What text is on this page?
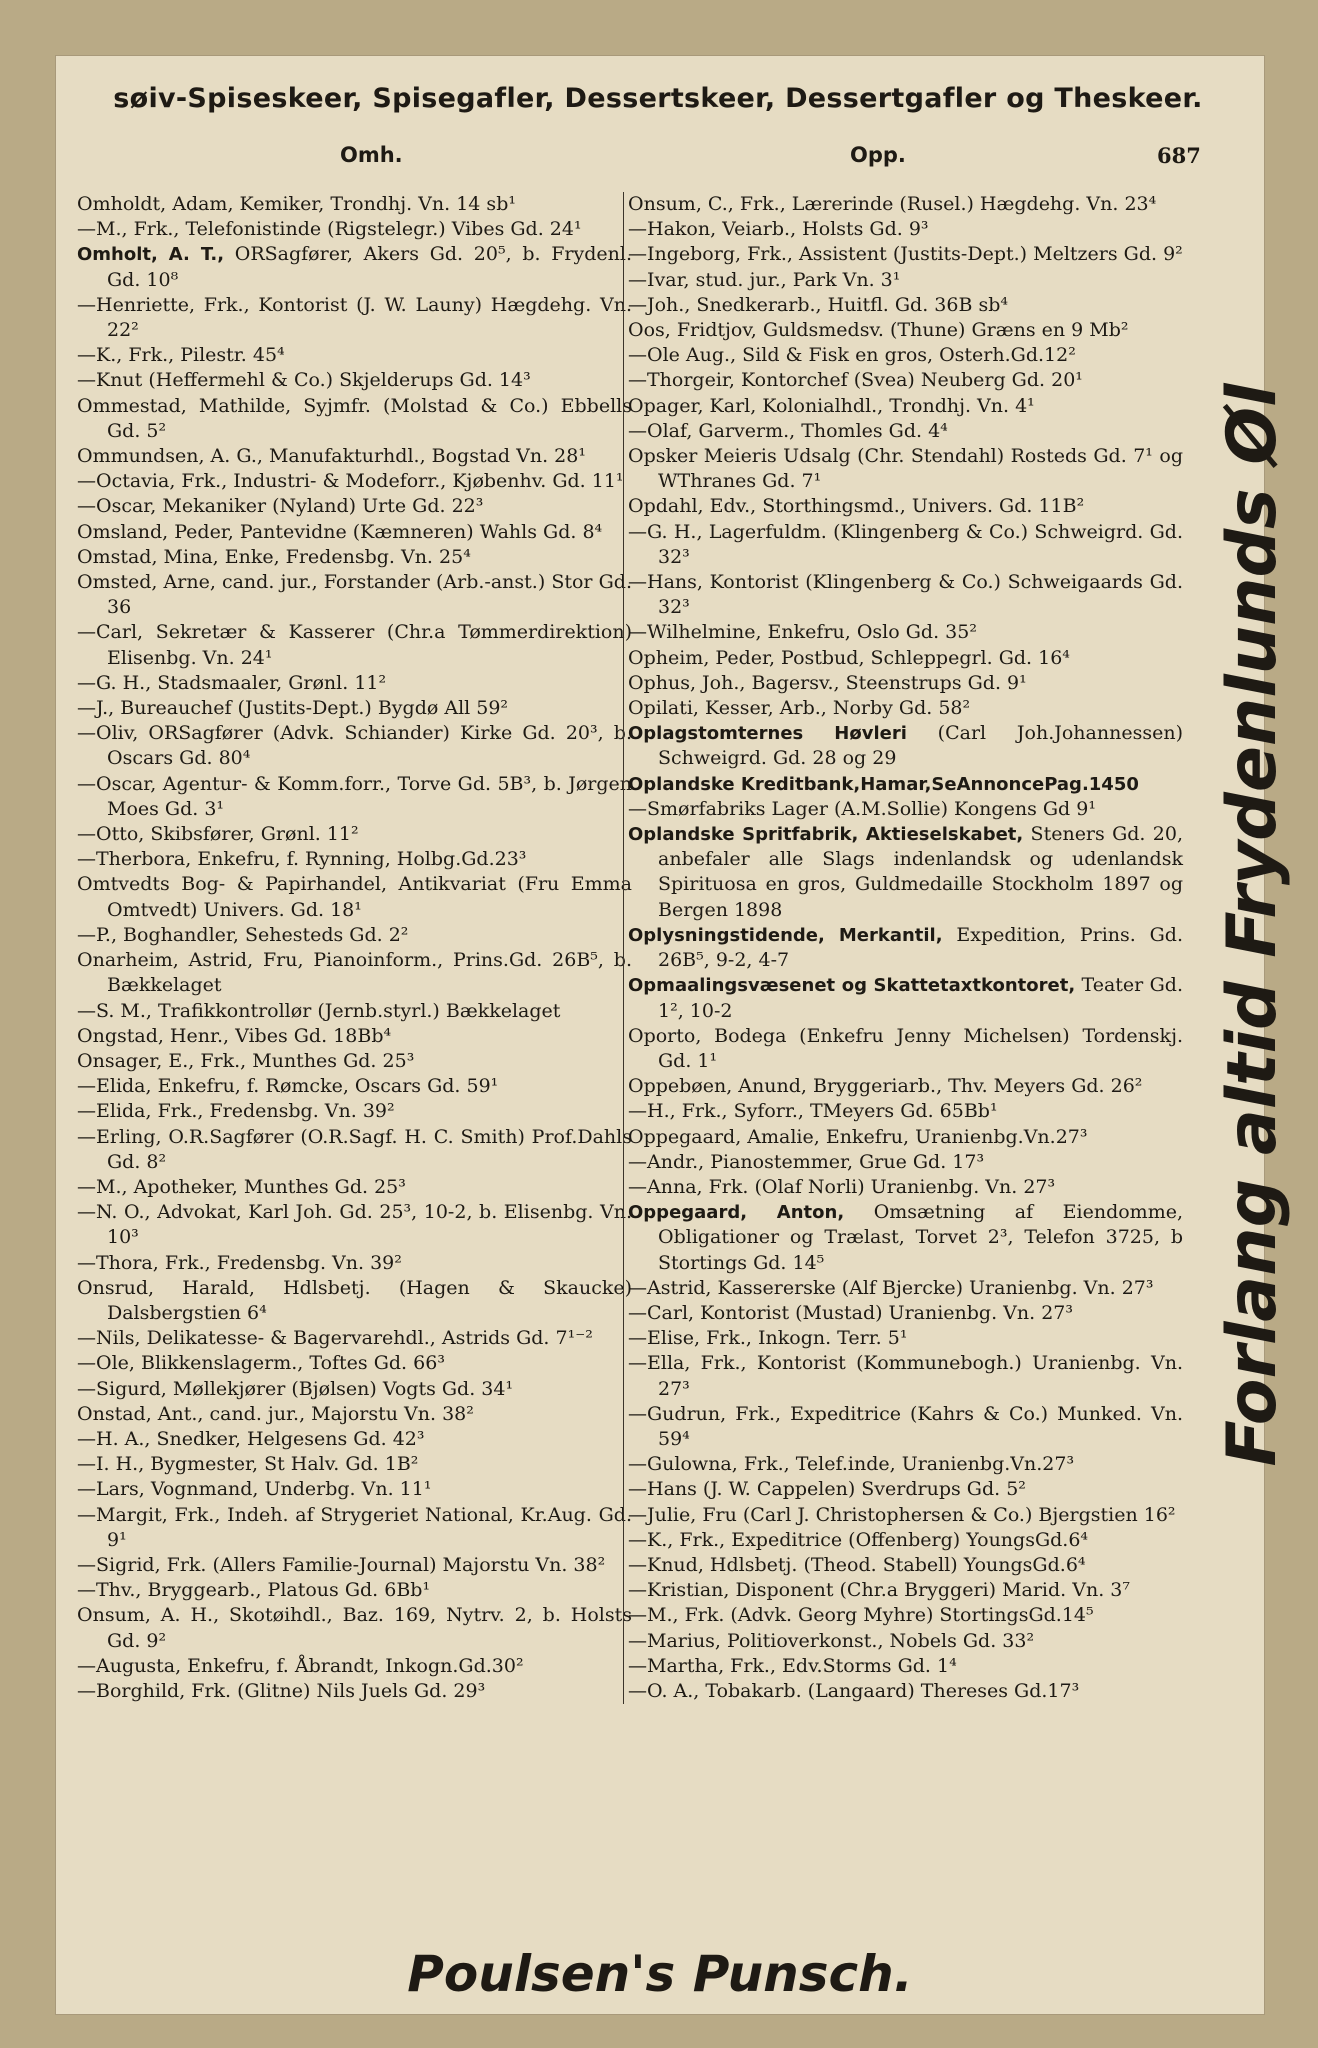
søiv-Spiseskeer, Spisegafler, Dessertskeer, Dessertgafler og Theskeer.
Omh.	Opp.	687
Omholdt, Adam, Kemiker, Trondhj. Vn. 14 sb¹
—M., Frk., Telefonistinde (Rigstelegr.) Vibes Gd. 24¹
Omholt, A. T., ORSagfører, Akers Gd. 20⁵, b. Frydenl. Gd. 10⁸
—Henriette, Frk., Kontorist (J. W. Launy) Hægdehg. Vn. 22²
—K., Frk., Pilestr. 45⁴
—Knut (Heffermehl & Co.) Skjelderups Gd. 14³
Ommestad, Mathilde, Syjmfr. (Molstad & Co.) Ebbells Gd. 5²
Ommundsen, A. G., Manufakturhdl., Bogstad Vn. 28¹
—Octavia, Frk., Industri- & Modeforr., Kjøbenhv. Gd. 11¹
—Oscar, Mekaniker (Nyland) Urte Gd. 22³
Omsland, Peder, Pantevidne (Kæmneren) Wahls Gd. 8⁴
Omstad, Mina, Enke, Fredensbg. Vn. 25⁴
Omsted, Arne, cand. jur., Forstander (Arb.-anst.) Stor Gd. 36
—Carl, Sekretær & Kasserer (Chr.a Tømmerdirektion) Elisenbg. Vn. 24¹
—G. H., Stadsmaaler, Grønl. 11²
—J., Bureauchef (Justits-Dept.) Bygdø All 59²
—Oliv, ORSagfører (Advk. Schiander) Kirke Gd. 20³, b. Oscars Gd. 80⁴
—Oscar, Agentur- & Komm.forr., Torve Gd. 5B³, b. Jørgen Moes Gd. 3¹
—Otto, Skibsfører, Grønl. 11²
—Therbora, Enkefru, f. Rynning, Holbg.Gd.23³
Omtvedts Bog- & Papirhandel, Antikvariat (Fru Emma Omtvedt) Univers. Gd. 18¹
—P., Boghandler, Sehesteds Gd. 2²
Onarheim, Astrid, Fru, Pianoinform., Prins.Gd. 26B⁵, b. Bækkelaget
—S. M., Trafikkontrollør (Jernb.styrl.) Bækkelaget
Ongstad, Henr., Vibes Gd. 18Bb⁴
Onsager, E., Frk., Munthes Gd. 25³
—Elida, Enkefru, f. Rømcke, Oscars Gd. 59¹
—Elida, Frk., Fredensbg. Vn. 39²
—Erling, O.R.Sagfører (O.R.Sagf. H. C. Smith) Prof.Dahls Gd. 8²
—M., Apotheker, Munthes Gd. 25³
—N. O., Advokat, Karl Joh. Gd. 25³, 10-2, b. Elisenbg. Vn. 10³
—Thora, Frk., Fredensbg. Vn. 39²
Onsrud, Harald, Hdlsbetj. (Hagen & Skaucke) Dalsbergstien 6⁴
—Nils, Delikatesse- & Bagervarehdl., Astrids Gd. 7¹⁻²
—Ole, Blikkenslagerm., Toftes Gd. 66³
—Sigurd, Møllekjører (Bjølsen) Vogts Gd. 34¹
Onstad, Ant., cand. jur., Majorstu Vn. 38²
—H. A., Snedker, Helgesens Gd. 42³
—I. H., Bygmester, St Halv. Gd. 1B²
—Lars, Vognmand, Underbg. Vn. 11¹
—Margit, Frk., Indeh. af Strygeriet National, Kr.Aug. Gd. 9¹
—Sigrid, Frk. (Allers Familie-Journal) Majorstu Vn. 38²
—Thv., Bryggearb., Platous Gd. 6Bb¹
Onsum, A. H., Skotøihdl., Baz. 169, Nytrv. 2, b. Holsts Gd. 9²
—Augusta, Enkefru, f. Åbrandt, Inkogn.Gd.30²
—Borghild, Frk. (Glitne) Nils Juels Gd. 29³
Onsum, C., Frk., Lærerinde (Rusel.) Hægdehg. Vn. 23⁴
—Hakon, Veiarb., Holsts Gd. 9³
—Ingeborg, Frk., Assistent (Justits-Dept.) Meltzers Gd. 9²
—Ivar, stud. jur., Park Vn. 3¹
—Joh., Snedkerarb., Huitfl. Gd. 36B sb⁴
Oos, Fridtjov, Guldsmedsv. (Thune) Græns en 9 Mb²
—Ole Aug., Sild & Fisk en gros, Osterh.Gd.12²
—Thorgeir, Kontorchef (Svea) Neuberg Gd. 20¹
Opager, Karl, Kolonialhdl., Trondhj. Vn. 4¹
—Olaf, Garverm., Thomles Gd. 4⁴
Opsker Meieris Udsalg (Chr. Stendahl) Rosteds Gd. 7¹ og WThranes Gd. 7¹
Opdahl, Edv., Storthingsmd., Univers. Gd. 11B²
—G. H., Lagerfuldm. (Klingenberg & Co.) Schweigrd. Gd. 32³
—Hans, Kontorist (Klingenberg & Co.) Schweigaards Gd. 32³
—Wilhelmine, Enkefru, Oslo Gd. 35²
Opheim, Peder, Postbud, Schleppegrl. Gd. 16⁴
Ophus, Joh., Bagersv., Steenstrups Gd. 9¹
Opilati, Kesser, Arb., Norby Gd. 58²
Oplagstomternes Høvleri (Carl Joh.Johannessen) Schweigrd. Gd. 28 og 29
Oplandske Kreditbank,Hamar,SeAnnoncePag.1450
—Smørfabriks Lager (A.M.Sollie) Kongens Gd 9¹
Oplandske Spritfabrik, Aktieselskabet, Steners Gd. 20, anbefaler alle Slags indenlandsk og udenlandsk Spirituosa en gros, Guldmedaille Stockholm 1897 og Bergen 1898
Oplysningstidende, Merkantil, Expedition, Prins. Gd. 26B⁵, 9-2, 4-7
Opmaalingsvæsenet og Skattetaxtkontoret, Teater Gd. 1², 10-2
Oporto, Bodega (Enkefru Jenny Michelsen) Tordenskj. Gd. 1¹
Oppebøen, Anund, Bryggeriarb., Thv. Meyers Gd. 26²
—H., Frk., Syforr., TMeyers Gd. 65Bb¹
Oppegaard, Amalie, Enkefru, Uranienbg.Vn.27³
—Andr., Pianostemmer, Grue Gd. 17³
—Anna, Frk. (Olaf Norli) Uranienbg. Vn. 27³
Oppegaard, Anton, Omsætning af Eiendomme, Obligationer og Trælast, Torvet 2³, Telefon 3725, b Stortings Gd. 14⁵
—Astrid, Kassererske (Alf Bjercke) Uranienbg. Vn. 27³
—Carl, Kontorist (Mustad) Uranienbg. Vn. 27³
—Elise, Frk., Inkogn. Terr. 5¹
—Ella, Frk., Kontorist (Kommunebogh.) Uranienbg. Vn. 27³
—Gudrun, Frk., Expeditrice (Kahrs & Co.) Munked. Vn. 59⁴
—Gulowna, Frk., Telef.inde, Uranienbg.Vn.27³
—Hans (J. W. Cappelen) Sverdrups Gd. 5²
—Julie, Fru (Carl J. Christophersen & Co.) Bjergstien 16²
—K., Frk., Expeditrice (Offenberg) YoungsGd.6⁴
—Knud, Hdlsbetj. (Theod. Stabell) YoungsGd.6⁴
—Kristian, Disponent (Chr.a Bryggeri) Marid. Vn. 3⁷
—M., Frk. (Advk. Georg Myhre) StortingsGd.14⁵
—Marius, Politioverkonst., Nobels Gd. 33²
—Martha, Frk., Edv.Storms Gd. 1⁴
—O. A., Tobakarb. (Langaard) Thereses Gd.17³
Forlang altid Frydenlunds Øl
Poulsen's Punsch.
